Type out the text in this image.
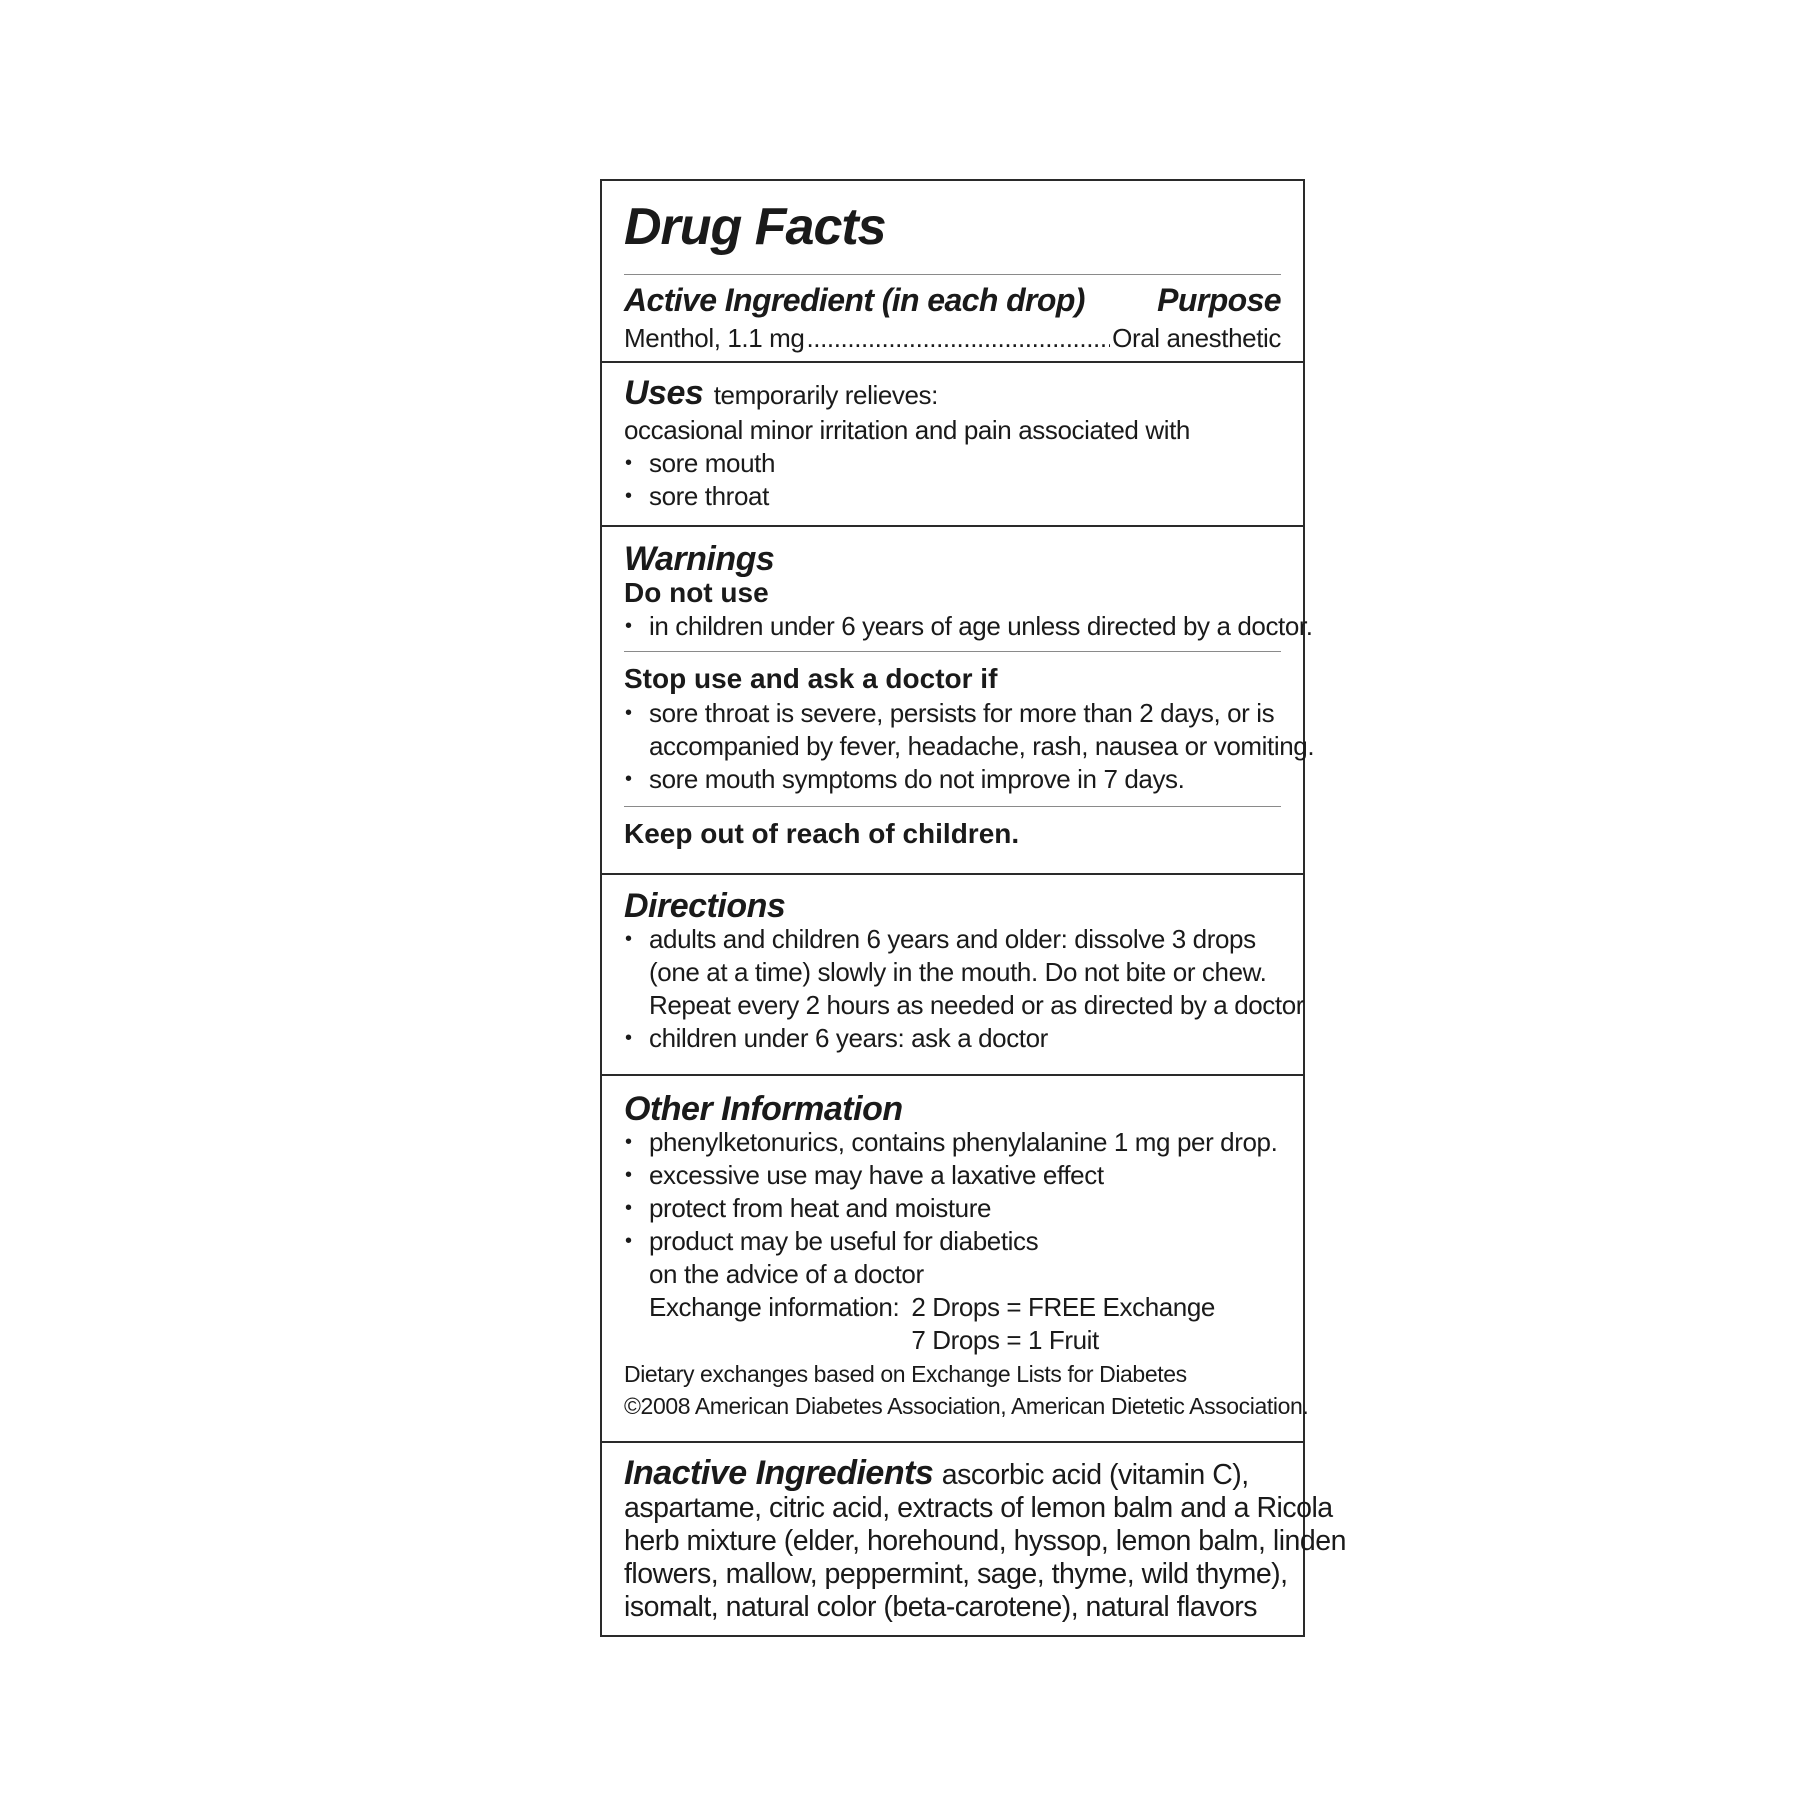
Drug Facts
Active Ingredient (in each drop) Purpose
Menthol, 1.1 mg
.....	Oral anesthetic
Uses temporarily relieves:
occasional minor irritation and pain associated with
• sore mouth
• sore throat
Warnings
Do not use
• in children under 6 years of age unless directed by a doctor.
Stop use and ask a doctor if
• sore throat is severe, persists for more than 2 days, or is
accompanied by fever, headache, rash, nausea or vomiting.
• sore mouth symptoms do not improve in 7 days.
Keep out of reach of children.
Directions
• adults and children 6 years and older: dissolve 3 drops
(one at a time) slowly in the mouth. Do not bite or chew.
Repeat every 2 hours as needed or as directed by a doctor
• children under 6 years: ask a doctor
Other Information
• phenylketonurics, contains phenylalanine 1 mg per drop.
• excessive use may have a laxative effect
• protect from heat and moisture
• product may be useful for diabetics
on the advice of a doctor
Exchange information: 2 Drops = FREE Exchange
7 Drops = 1 Fruit
Dietary exchanges based on Exchange Lists for Diabetes
©2008 American Diabetes Association, American Dietetic Association.
Inactive Ingredients ascorbic acid (vitamin C),
aspartame, citric acid, extracts of lemon balm and a Ricola
herb mixture (elder, horehound, hyssop, lemon balm, linden
flowers, mallow, peppermint, sage, thyme, wild thyme),
isomalt, natural color (beta-carotene), natural flavors
